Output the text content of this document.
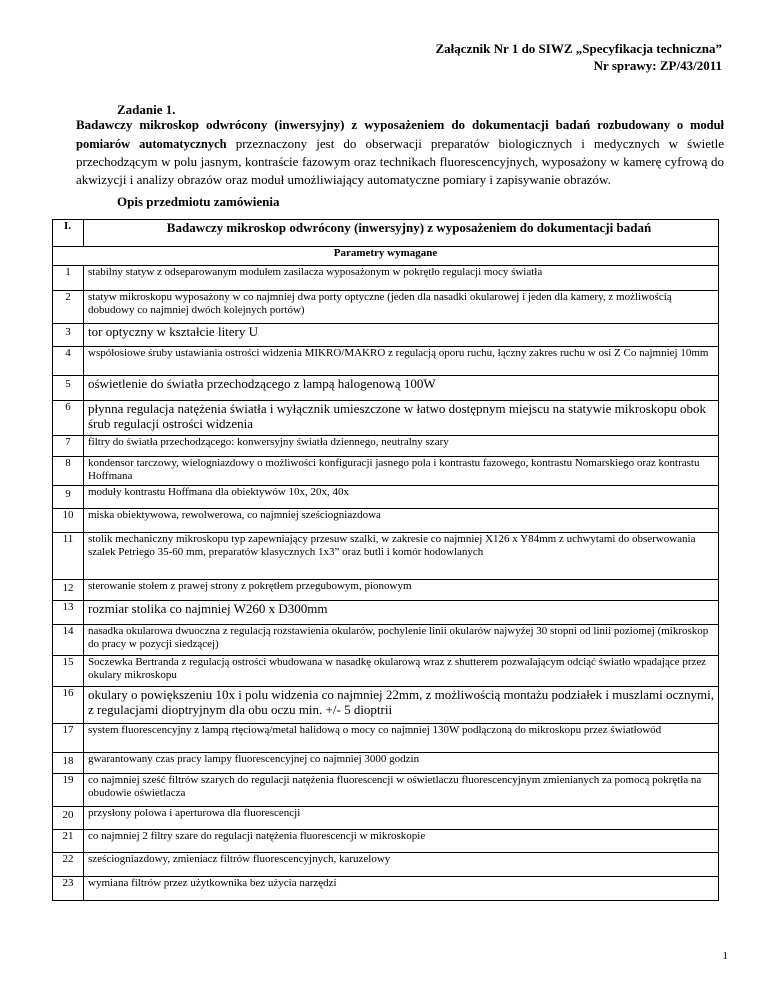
Załącznik Nr 1 do SIWZ „Specyfikacja techniczna”
Nr sprawy: ZP/43/2011
Zadanie 1.
Badawczy mikroskop odwrócony (inwersyjny) z wyposażeniem do dokumentacji badań rozbudowany o moduł pomiarów automatycznych przeznaczony jest do obserwacji preparatów biologicznych i medycznych w świetle przechodzącym w polu jasnym, kontraście fazowym oraz technikach fluorescencyjnych, wyposażony w kamerę cyfrową do akwizycji i analizy obrazów oraz moduł umożliwiający automatyczne pomiary i zapisywanie obrazów.
Opis przedmiotu zamówienia
I.	Badawczy mikroskop odwrócony (inwersyjny) z wyposażeniem do dokumentacji badań
Parametry wymagane	
1	stabilny statyw z odseparowanym modułem zasilacza wyposażonym w pokrętło regulacji mocy światła
2	statyw mikroskopu wyposażony w co najmniej dwa porty optyczne (jeden dla nasadki okularowej i jeden dla kamery, z możliwością dobudowy co najmniej dwóch kolejnych portów)
3	tor optyczny w kształcie litery U
4	współosiowe śruby ustawiania ostrości widzenia MIKRO/MAKRO z regulacją oporu ruchu, łączny zakres ruchu w osi Z Co najmniej 10mm
5	oświetlenie do światła przechodzącego z lampą halogenową 100W
6	płynna regulacja natężenia światła i wyłącznik umieszczone w łatwo dostępnym miejscu na statywie mikroskopu obok śrub regulacji ostrości widzenia
7	filtry do światła przechodzącego: konwersyjny światła dziennego, neutralny szary
8	kondensor tarczowy, wielogniazdowy o możliwości konfiguracji jasnego pola i kontrastu fazowego, kontrastu Nomarskiego oraz kontrastu Hoffmana
9	moduły kontrastu Hoffmana dla obiektywów 10x, 20x, 40x
10	miska obiektywowa, rewolwerowa, co najmniej sześciogniazdowa
11	stolik mechaniczny mikroskopu typ zapewniający przesuw szalki, w zakresie co najmniej X126 x Y84mm z uchwytami do obserwowania szalek Petriego 35-60 mm, preparatów klasycznych 1x3” oraz butli i komór hodowlanych
12	sterowanie stołem z prawej strony z pokrętłem przegubowym, pionowym
13	rozmiar stolika co najmniej W260 x D300mm
14	nasadka okularowa dwuoczna z regulacją rozstawienia okularów, pochylenie linii okularów najwyżej 30 stopni od linii poziomej (mikroskop do pracy w pozycji siedzącej)
15	Soczewka Bertranda z regulacją ostrości wbudowana w nasadkę okularową wraz z shutterem pozwalającym odciąć światło wpadające przez okulary mikroskopu
16	okulary o powiększeniu 10x i polu widzenia co najmniej 22mm, z możliwością montażu podziałek i muszlami ocznymi, z regulacjami dioptryjnym dla obu oczu min. +/- 5 dioptrii
17	system fluorescencyjny z lampą rtęciową/metal halidową o mocy co najmniej 130W podłączoną do mikroskopu przez światłowód
18	gwarantowany czas pracy lampy fluorescencyjnej co najmniej 3000 godzin
19	co najmniej sześć filtrów szarych do regulacji natężenia fluorescencji w oświetlaczu fluorescencyjnym zmienianych za pomocą pokrętła na obudowie oświetlacza
20	przysłony polowa i aperturowa dla fluorescencji
21	co najmniej 2 filtry szare do regulacji natężenia fluorescencji w mikroskopie
22	sześciogniazdowy, zmieniacz filtrów fluorescencyjnych, karuzelowy
23	wymiana filtrów przez użytkownika bez użycia narzędzi
1
